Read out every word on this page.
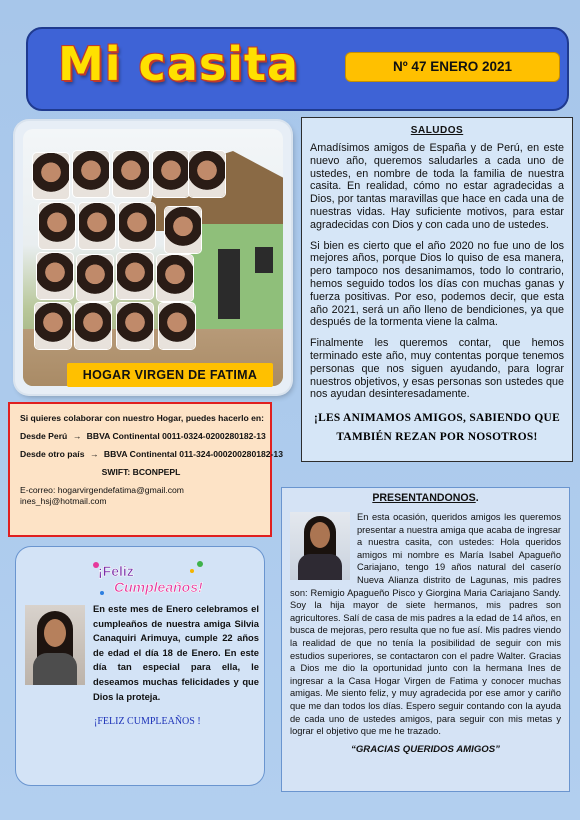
Mi casita	Nº 47 ENERO 2021
HOGAR VIRGEN DE FATIMA
SALUDOS

Amadísimos amigos de España y de Perú, en este nuevo año, queremos saludarles a cada uno de ustedes, en nombre de toda la familia de nuestra casita. En realidad, cómo no estar agradecidas a Dios, por tantas maravillas que hace en cada una de nuestras vidas. Hay suficiente motivos, para estar agradecidas con Dios y con cada uno de ustedes.

Si bien es cierto que el año 2020 no fue uno de los mejores años, porque Dios lo quiso de esa manera, pero tampoco nos desanimamos, todo lo contrario, hemos seguido todos los días con muchas ganas y fuerza positivas. Por eso, podemos decir, que esta año 2021, será un año lleno de bendiciones, ya que después de la tormenta viene la calma.

Finalmente les queremos contar, que hemos terminado este año, muy contentas porque tenemos personas que nos siguen ayudando, para lograr nuestros objetivos, y esas personas son ustedes que nos ayudan desinteresadamente.

¡LES ANIMAMOS AMIGOS, SABIENDO QUE TAMBIÉN REZAN POR NOSOTROS!
Si quieres colaborar con nuestro Hogar, puedes hacerlo en:
Desde Perú → BBVA Continental 0011-0324-0200280182-13
Desde otro país → BBVA Continental 011-324-000200280182-13
SWIFT: BCONPEPL
E-correo: hogarvirgendefatima@gmail.com
ines_hsj@hotmail.com
¡Feliz
Cumpleaños!
En este mes de Enero celebramos el cumpleaños de nuestra amiga Silvia Canaquiri Arimuya, cumple 22 años de edad el día 18 de Enero. En este día tan especial para ella, le deseamos muchas felicidades y que Dios la proteja.
¡FELIZ CUMPLEAÑOS !
PRESENTANDONOS.

En esta ocasión, queridos amigos les queremos presentar a nuestra amiga que acaba de ingresar a nuestra casita, con ustedes: Hola queridos amigos mi nombre es María Isabel Apagueño Cariajano, tengo 19 años natural del caserío Nueva Alianza distrito de Lagunas, mis padres son: Remigio Apagueño Pisco y Giorgina Maria Cariajano Sandy. Soy la hija mayor de siete hermanos, mis padres son agricultores. Salí de casa de mis padres a la edad de 14 años, en busca de mejoras, pero resulta que no fue así. Mis padres viendo la realidad de que no tenía la posibilidad de seguir con mis estudios superiores, se contactaron con el padre Walter. Gracias a Dios me dio la oportunidad junto con la hermana Ines de ingresar a la Casa Hogar Virgen de Fatima y conocer muchas amigas. Me siento feliz, y muy agradecida por ese amor y cariño que me dan todos los días. Espero seguir contando con la ayuda de cada uno de ustedes amigos, para seguir con mis metas y lograr el objetivo que me he trazado.

“GRACIAS QUERIDOS AMIGOS”
